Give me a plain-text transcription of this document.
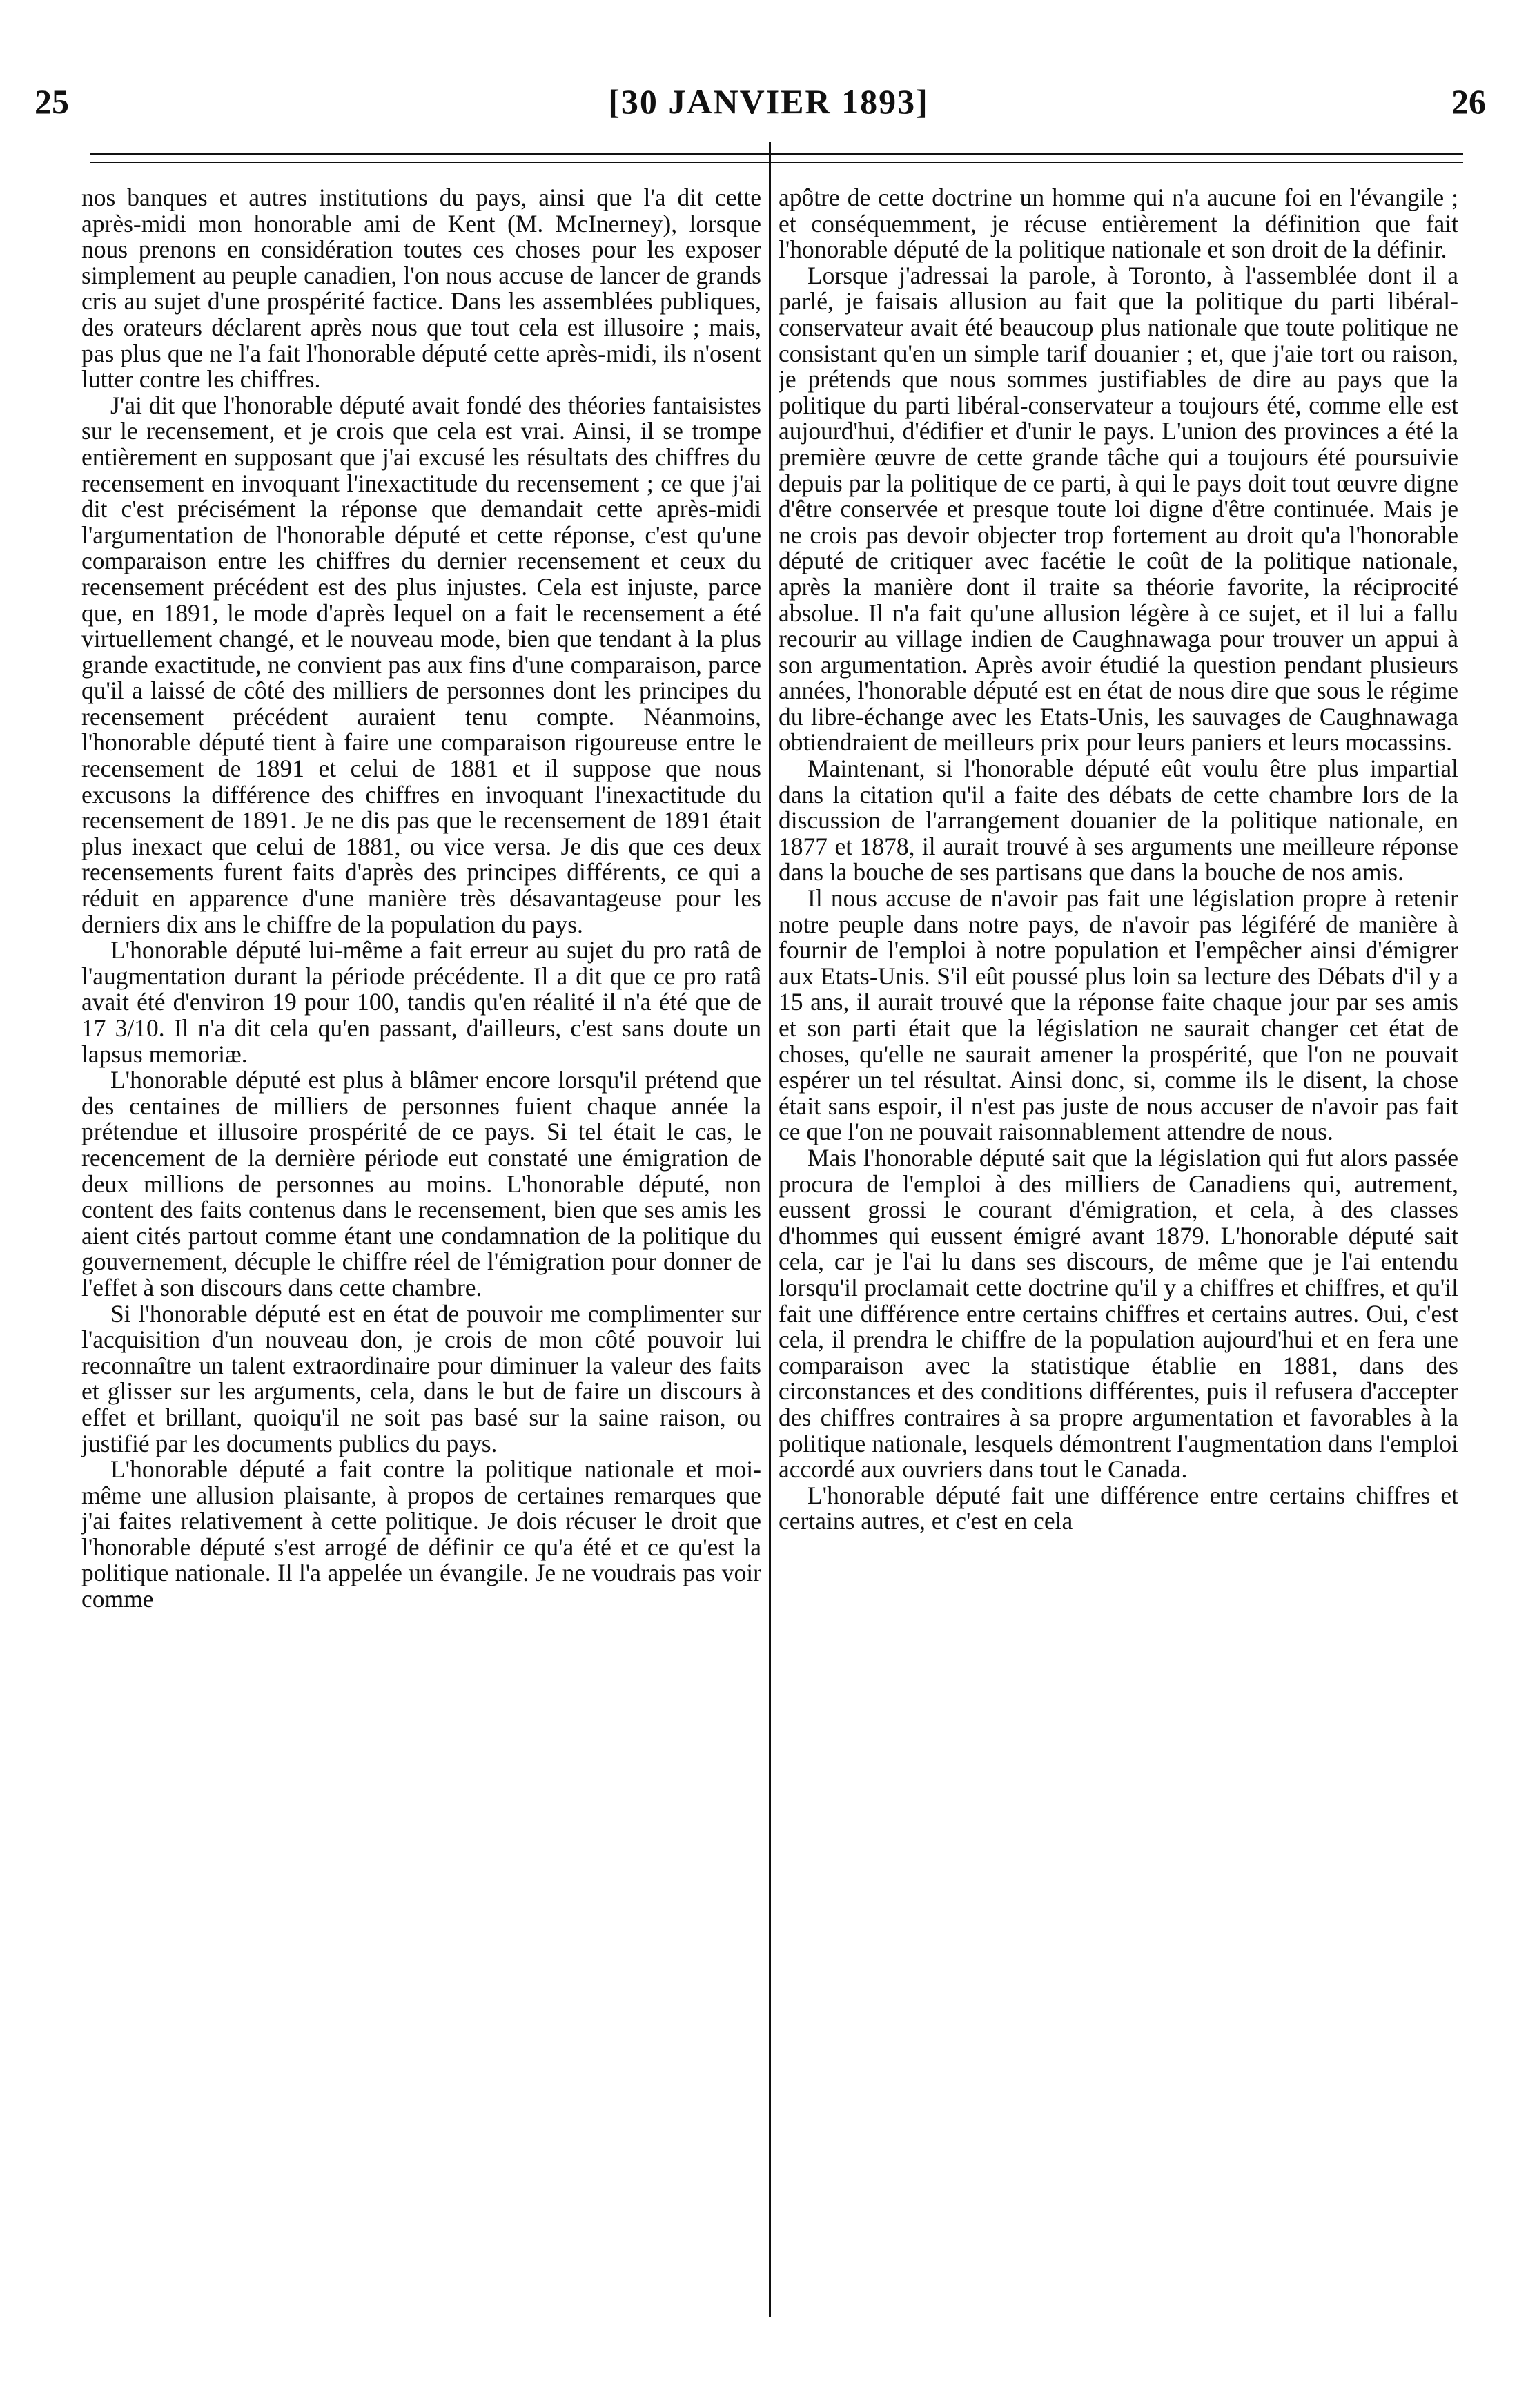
25	[30 JANVIER 1893]	26

nos banques et autres institutions du pays, ainsi que l'a dit cette après-midi mon honorable ami de Kent (M. McInerney), lorsque nous prenons en considération toutes ces choses pour les exposer simplement au peuple canadien, l'on nous accuse de lancer de grands cris au sujet d'une prospérité factice. Dans les assemblées publiques, des orateurs déclarent après nous que tout cela est illusoire ; mais, pas plus que ne l'a fait l'honorable député cette après-midi, ils n'osent lutter contre les chiffres.

J'ai dit que l'honorable député avait fondé des théories fantaisistes sur le recensement, et je crois que cela est vrai. Ainsi, il se trompe entièrement en supposant que j'ai excusé les résultats des chiffres du recensement en invoquant l'inexactitude du recensement ; ce que j'ai dit c'est précisément la réponse que demandait cette après-midi l'argumentation de l'honorable député et cette réponse, c'est qu'une comparaison entre les chiffres du dernier recensement et ceux du recensement précédent est des plus injustes. Cela est injuste, parce que, en 1891, le mode d'après lequel on a fait le recensement a été virtuellement changé, et le nouveau mode, bien que tendant à la plus grande exactitude, ne convient pas aux fins d'une comparaison, parce qu'il a laissé de côté des milliers de personnes dont les principes du recensement précédent auraient tenu compte. Néanmoins, l'honorable député tient à faire une comparaison rigoureuse entre le recensement de 1891 et celui de 1881 et il suppose que nous excusons la différence des chiffres en invoquant l'inexactitude du recensement de 1891. Je ne dis pas que le recensement de 1891 était plus inexact que celui de 1881, ou vice versa. Je dis que ces deux recensements furent faits d'après des principes différents, ce qui a réduit en apparence d'une manière très désavantageuse pour les derniers dix ans le chiffre de la population du pays.

L'honorable député lui-même a fait erreur au sujet du pro ratâ de l'augmentation durant la période précédente. Il a dit que ce pro ratâ avait été d'environ 19 pour 100, tandis qu'en réalité il n'a été que de 17 3/10. Il n'a dit cela qu'en passant, d'ailleurs, c'est sans doute un lapsus memoriæ.

L'honorable député est plus à blâmer encore lorsqu'il prétend que des centaines de milliers de personnes fuient chaque année la prétendue et illusoire prospérité de ce pays. Si tel était le cas, le recencement de la dernière période eut constaté une émigration de deux millions de personnes au moins. L'honorable député, non content des faits contenus dans le recensement, bien que ses amis les aient cités partout comme étant une condamnation de la politique du gouvernement, décuple le chiffre réel de l'émigration pour donner de l'effet à son discours dans cette chambre.

Si l'honorable député est en état de pouvoir me complimenter sur l'acquisition d'un nouveau don, je crois de mon côté pouvoir lui reconnaître un talent extraordinaire pour diminuer la valeur des faits et glisser sur les arguments, cela, dans le but de faire un discours à effet et brillant, quoiqu'il ne soit pas basé sur la saine raison, ou justifié par les documents publics du pays.

L'honorable député a fait contre la politique nationale et moi-même une allusion plaisante, à propos de certaines remarques que j'ai faites relativement à cette politique. Je dois récuser le droit que l'honorable député s'est arrogé de définir ce qu'a été et ce qu'est la politique nationale. Il l'a appelée un évangile. Je ne voudrais pas voir comme

apôtre de cette doctrine un homme qui n'a aucune foi en l'évangile ; et conséquemment, je récuse entièrement la définition que fait l'honorable député de la politique nationale et son droit de la définir.

Lorsque j'adressai la parole, à Toronto, à l'assemblée dont il a parlé, je faisais allusion au fait que la politique du parti libéral-conservateur avait été beaucoup plus nationale que toute politique ne consistant qu'en un simple tarif douanier ; et, que j'aie tort ou raison, je prétends que nous sommes justifiables de dire au pays que la politique du parti libéral-conservateur a toujours été, comme elle est aujourd'hui, d'édifier et d'unir le pays. L'union des provinces a été la première œuvre de cette grande tâche qui a toujours été poursuivie depuis par la politique de ce parti, à qui le pays doit tout œuvre digne d'être conservée et presque toute loi digne d'être continuée. Mais je ne crois pas devoir objecter trop fortement au droit qu'a l'honorable député de critiquer avec facétie le coût de la politique nationale, après la manière dont il traite sa théorie favorite, la réciprocité absolue. Il n'a fait qu'une allusion légère à ce sujet, et il lui a fallu recourir au village indien de Caughnawaga pour trouver un appui à son argumentation. Après avoir étudié la question pendant plusieurs années, l'honorable député est en état de nous dire que sous le régime du libre-échange avec les Etats-Unis, les sauvages de Caughnawaga obtiendraient de meilleurs prix pour leurs paniers et leurs mocassins.

Maintenant, si l'honorable député eût voulu être plus impartial dans la citation qu'il a faite des débats de cette chambre lors de la discussion de l'arrangement douanier de la politique nationale, en 1877 et 1878, il aurait trouvé à ses arguments une meilleure réponse dans la bouche de ses partisans que dans la bouche de nos amis.

Il nous accuse de n'avoir pas fait une législation propre à retenir notre peuple dans notre pays, de n'avoir pas légiféré de manière à fournir de l'emploi à notre population et l'empêcher ainsi d'émigrer aux Etats-Unis. S'il eût poussé plus loin sa lecture des Débats d'il y a 15 ans, il aurait trouvé que la réponse faite chaque jour par ses amis et son parti était que la législation ne saurait changer cet état de choses, qu'elle ne saurait amener la prospérité, que l'on ne pouvait espérer un tel résultat. Ainsi donc, si, comme ils le disent, la chose était sans espoir, il n'est pas juste de nous accuser de n'avoir pas fait ce que l'on ne pouvait raisonnablement attendre de nous.

Mais l'honorable député sait que la législation qui fut alors passée procura de l'emploi à des milliers de Canadiens qui, autrement, eussent grossi le courant d'émigration, et cela, à des classes d'hommes qui eussent émigré avant 1879. L'honorable député sait cela, car je l'ai lu dans ses discours, de même que je l'ai entendu lorsqu'il proclamait cette doctrine qu'il y a chiffres et chiffres, et qu'il fait une différence entre certains chiffres et certains autres. Oui, c'est cela, il prendra le chiffre de la population aujourd'hui et en fera une comparaison avec la statistique établie en 1881, dans des circonstances et des conditions différentes, puis il refusera d'accepter des chiffres contraires à sa propre argumentation et favorables à la politique nationale, lesquels démontrent l'augmentation dans l'emploi accordé aux ouvriers dans tout le Canada.

L'honorable député fait une différence entre certains chiffres et certains autres, et c'est en cela
